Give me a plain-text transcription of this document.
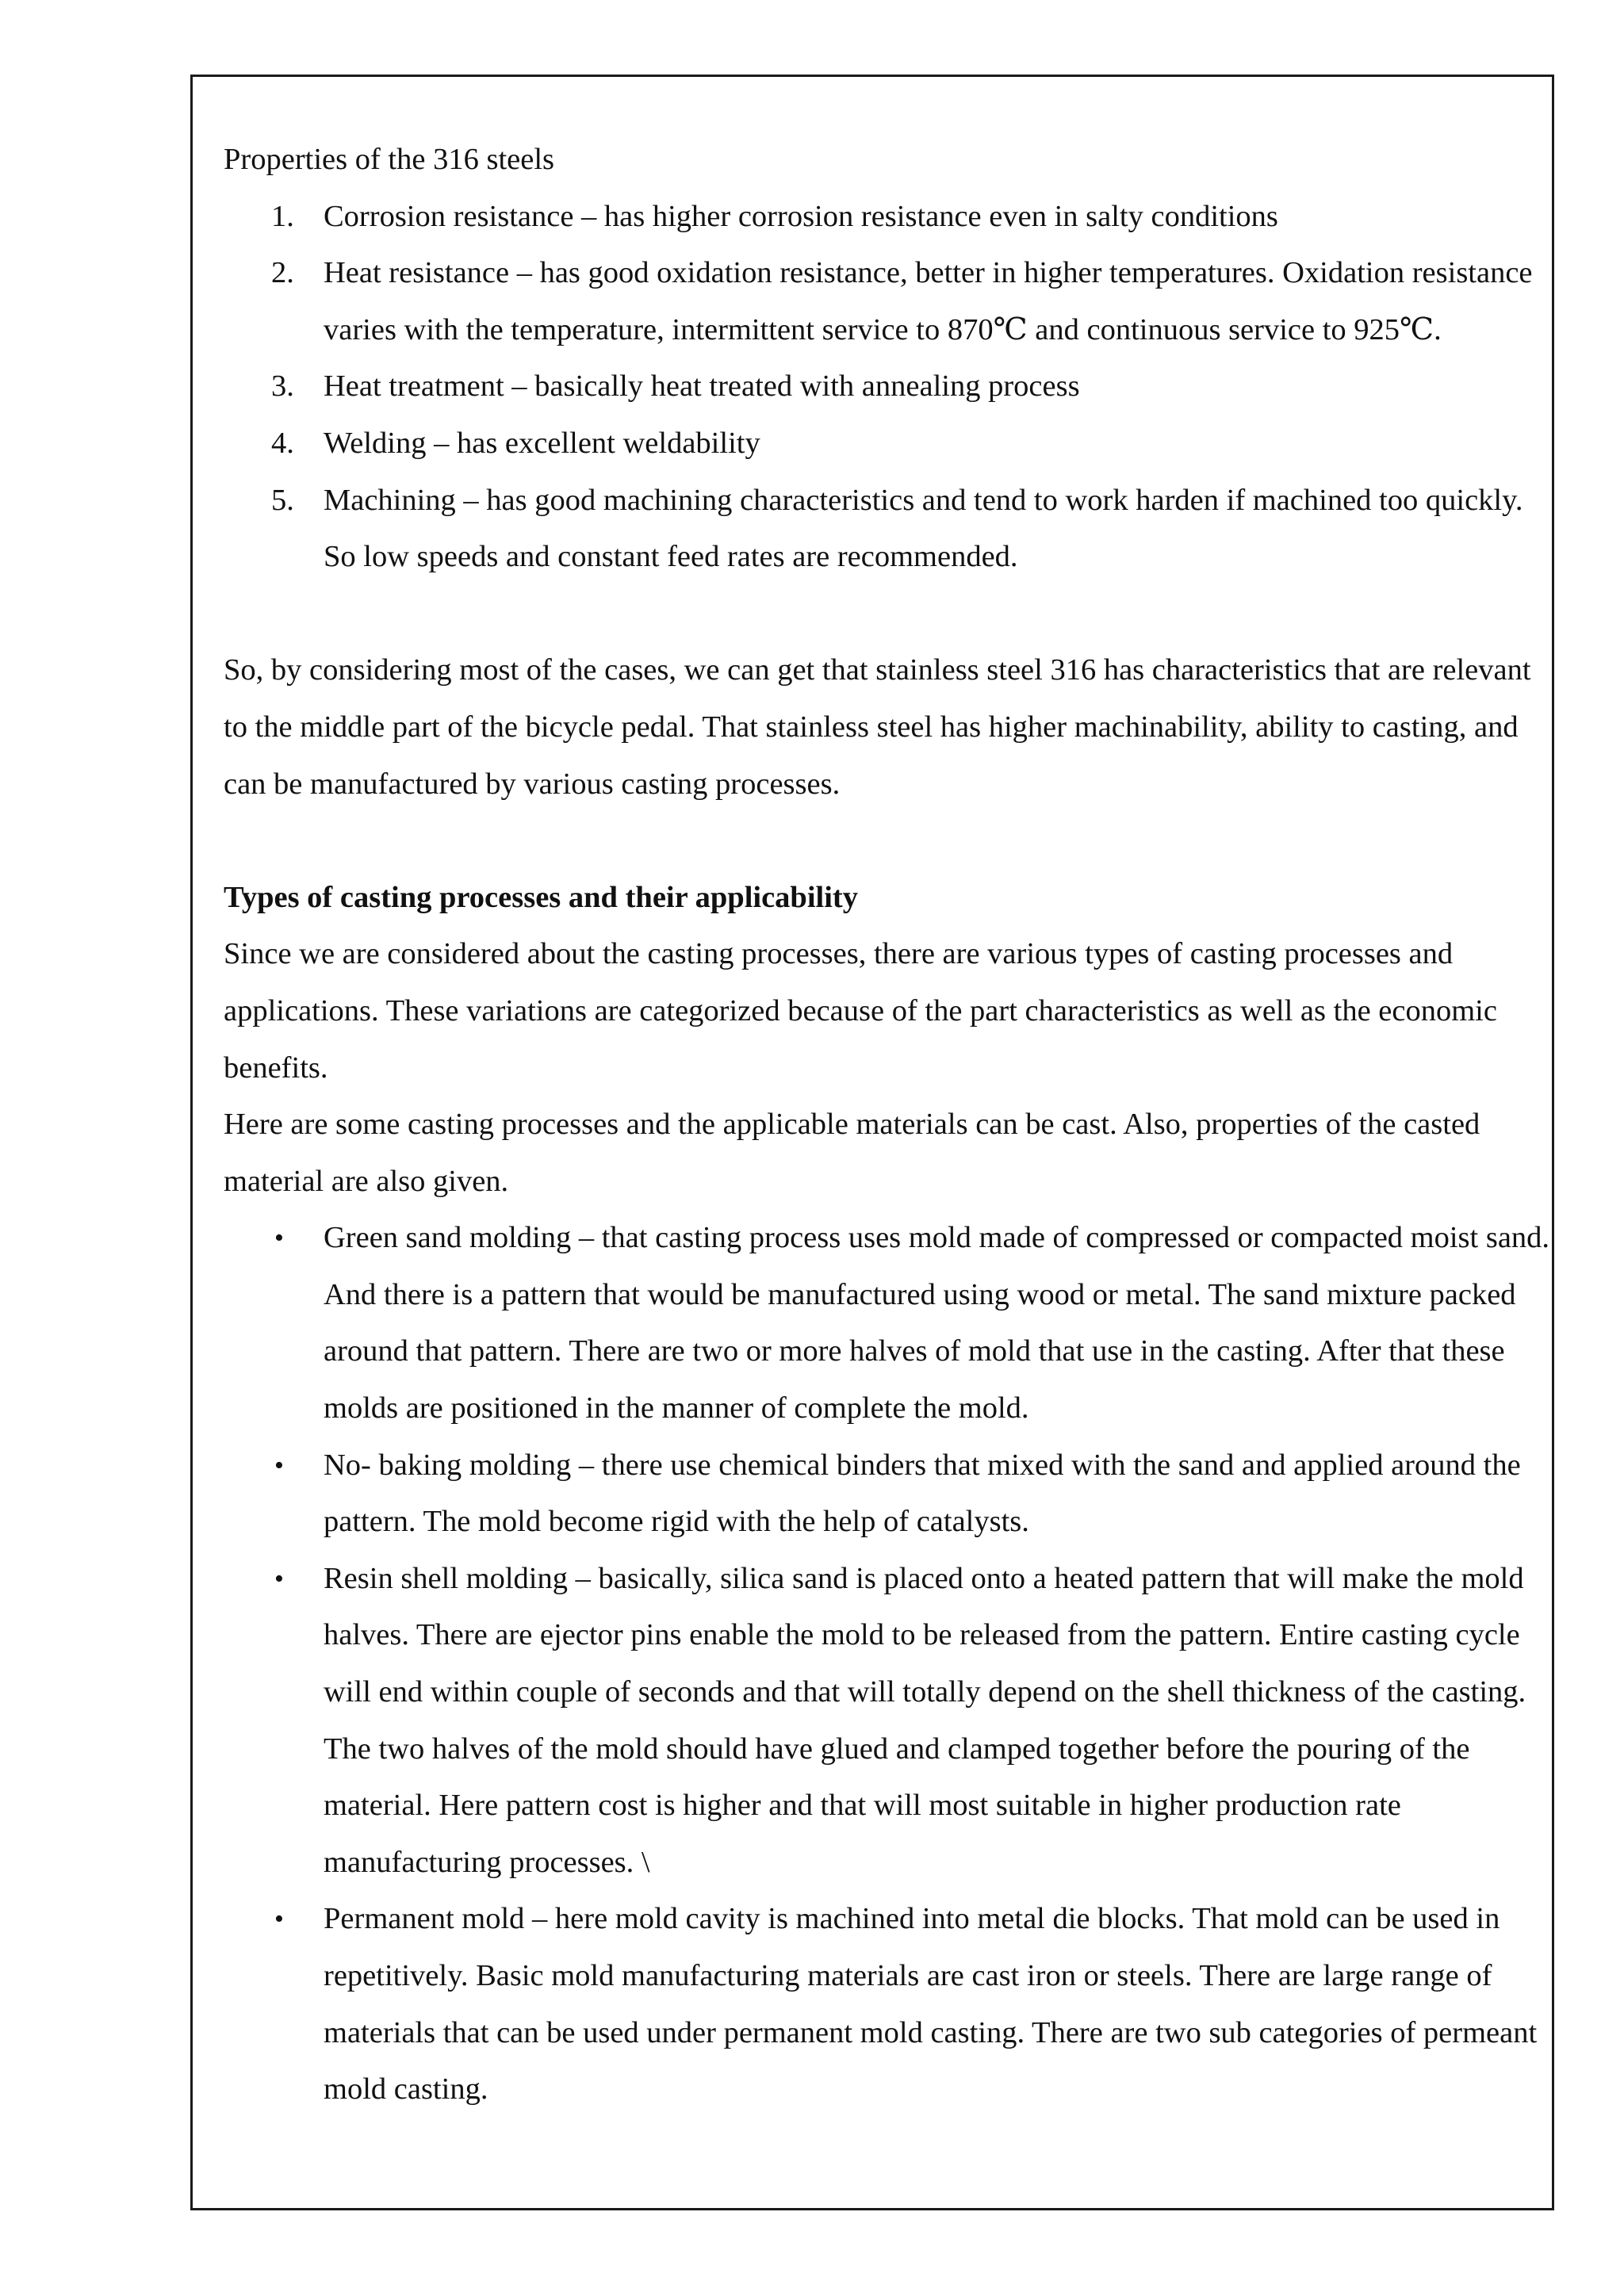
Properties of the 316 steels

1. Corrosion resistance – has higher corrosion resistance even in salty conditions
2. Heat resistance – has good oxidation resistance, better in higher temperatures. Oxidation resistance varies with the temperature, intermittent service to 870℃ and continuous service to 925℃.
3. Heat treatment – basically heat treated with annealing process
4. Welding – has excellent weldability
5. Machining – has good machining characteristics and tend to work harden if machined too quickly. So low speeds and constant feed rates are recommended.

So, by considering most of the cases, we can get that stainless steel 316 has characteristics that are relevant to the middle part of the bicycle pedal. That stainless steel has higher machinability, ability to casting, and can be manufactured by various casting processes.

Types of casting processes and their applicability

Since we are considered about the casting processes, there are various types of casting processes and applications. These variations are categorized because of the part characteristics as well as the economic benefits.

Here are some casting processes and the applicable materials can be cast. Also, properties of the casted material are also given.

• Green sand molding – that casting process uses mold made of compressed or compacted moist sand. And there is a pattern that would be manufactured using wood or metal. The sand mixture packed around that pattern. There are two or more halves of mold that use in the casting. After that these molds are positioned in the manner of complete the mold.
• No- baking molding – there use chemical binders that mixed with the sand and applied around the pattern. The mold become rigid with the help of catalysts.
• Resin shell molding – basically, silica sand is placed onto a heated pattern that will make the mold halves. There are ejector pins enable the mold to be released from the pattern. Entire casting cycle will end within couple of seconds and that will totally depend on the shell thickness of the casting. The two halves of the mold should have glued and clamped together before the pouring of the material. Here pattern cost is higher and that will most suitable in higher production rate manufacturing processes. \
• Permanent mold – here mold cavity is machined into metal die blocks. That mold can be used in repetitively. Basic mold manufacturing materials are cast iron or steels. There are large range of materials that can be used under permanent mold casting. There are two sub categories of permeant mold casting.
